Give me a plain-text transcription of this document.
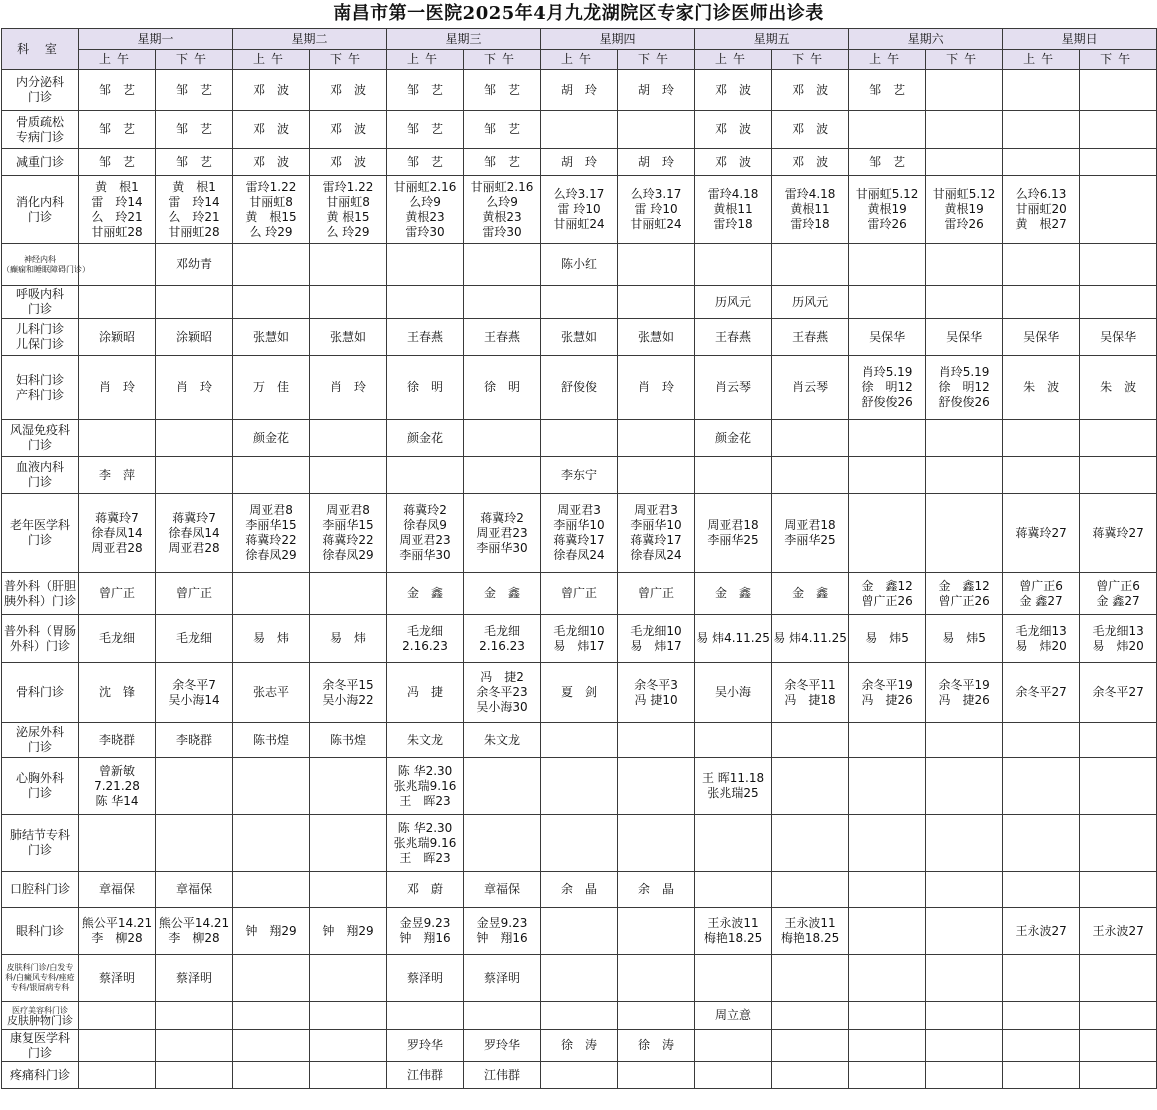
南昌市第一医院2025年4月九龙湖院区专家门诊医师出诊表
科 室	星期一		星期二		星期三		星期四		星期五		星期六		星期日	
	上午	下午	上午	下午	上午	下午	上午	下午	上午	下午	上午	下午	上午	下午

内分泌科
门诊	邹　艺	邹　艺	邓　波	邓　波	邹　艺	邹　艺	胡　玲	胡　玲	邓　波	邓　波	邹　艺			

骨质疏松
专病门诊	邹　艺	邹　艺	邓　波	邓　波	邹　艺	邹　艺			邓　波	邓　波				

减重门诊	邹　艺	邹　艺	邓　波	邓　波	邹　艺	邹　艺	胡　玲	胡　玲	邓　波	邓　波	邹　艺			

消化内科
门诊	黄　根1
雷　玲14
么　玲21
甘丽虹28	黄　根1
雷　玲14
么　玲21
甘丽虹28	雷玲1.22
甘丽虹8
黄　根15
么 玲29	雷玲1.22
甘丽虹8
黄 根15
么 玲29	甘丽虹2.16
么玲9
黄根23
雷玲30	甘丽虹2.16
么玲9
黄根23
雷玲30	么玲3.17
雷 玲10
甘丽虹24	么玲3.17
雷 玲10
甘丽虹24	雷玲4.18
黄根11
雷玲18	雷玲4.18
黄根11
雷玲18	甘丽虹5.12
黄根19
雷玲26	甘丽虹5.12
黄根19
雷玲26	么玲6.13
甘丽虹20
黄　根27	

神经内科
（癫痫和睡眠障碍门诊）		邓幼青					陈小红							

呼吸内科
门诊									历风元	历风元				

儿科门诊
儿保门诊	涂颖昭	涂颖昭	张慧如	张慧如	王春燕	王春燕	张慧如	张慧如	王春燕	王春燕	吴保华	吴保华	吴保华	吴保华

妇科门诊
产科门诊	肖　玲	肖　玲	万　佳	肖　玲	徐　明	徐　明	舒俊俊	肖　玲	肖云琴	肖云琴	肖玲5.19
徐　明12
舒俊俊26	肖玲5.19
徐　明12
舒俊俊26	朱　波	朱　波

风湿免疫科
门诊			颜金花		颜金花				颜金花					

血液内科
门诊	李　萍						李东宁							

老年医学科
门诊	蒋冀玲7
徐春凤14
周亚君28	蒋冀玲7
徐春凤14
周亚君28	周亚君8
李丽华15
蒋冀玲22
徐春凤29	周亚君8
李丽华15
蒋冀玲22
徐春凤29	蒋冀玲2
徐春凤9
周亚君23
李丽华30	蒋冀玲2
周亚君23
李丽华30	周亚君3
李丽华10
蒋冀玲17
徐春凤24	周亚君3
李丽华10
蒋冀玲17
徐春凤24	周亚君18
李丽华25	周亚君18
李丽华25			蒋冀玲27	蒋冀玲27

普外科（肝胆
胰外科）门诊	曾广正	曾广正			金　鑫	金　鑫	曾广正	曾广正	金　鑫	金　鑫	金　鑫12
曾广正26	金　鑫12
曾广正26	曾广正6
金 鑫27	曾广正6
金 鑫27

普外科（胃肠
外科）门诊	毛龙细	毛龙细	易　炜	易　炜	毛龙细
2.16.23	毛龙细
2.16.23	毛龙细10
易　炜17	毛龙细10
易　炜17	易 炜4.11.25	易 炜4.11.25	易　炜5	易　炜5	毛龙细13
易　炜20	毛龙细13
易　炜20

骨科门诊	沈　锋	余冬平7
吴小海14	张志平	余冬平15
吴小海22	冯　捷	冯　捷2
余冬平23
吴小海30	夏　剑	余冬平3
冯 捷10	吴小海	余冬平11
冯　捷18	余冬平19
冯　捷26	余冬平19
冯　捷26	余冬平27	余冬平27

泌尿外科
门诊	李晓群	李晓群	陈书煌	陈书煌	朱文龙	朱文龙								

心胸外科
门诊	曾新敏
7.21.28
陈 华14				陈 华2.30
张兆瑞9.16
王　晖23				王 晖11.18
张兆瑞25					

肺结节专科
门诊					陈 华2.30
张兆瑞9.16
王　晖23									

口腔科门诊	章福保	章福保			邓　蔚	章福保	余　晶	余　晶						

眼科门诊	熊公平14.21
李　柳28	熊公平14.21
李　柳28	钟　翔29	钟　翔29	金昱9.23
钟　翔16	金昱9.23
钟　翔16			王永波11
梅艳18.25	王永波11
梅艳18.25			王永波27	王永波27

皮肤科门诊/白发专
科/白癜风专科/痤疮
专科/银屑病专科	蔡泽明	蔡泽明			蔡泽明	蔡泽明								

医疗美容科门诊
皮肤肿物门诊									周立意					

康复医学科
门诊					罗玲华	罗玲华	徐　涛	徐　涛						

疼痛科门诊					江伟群	江伟群								
